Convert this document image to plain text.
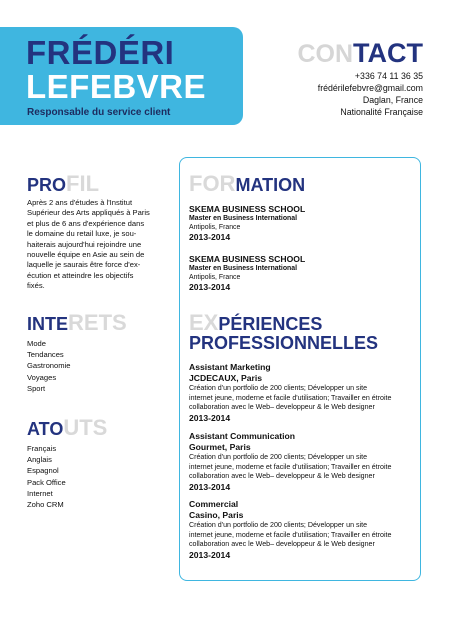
FRÉDÉRI
LEFEBVRE
Responsable du service client
CONTACT
+336 74 11 36 35
frédérilefebvre@gmail.com
Daglan, France
Nationalité Française
PROFIL
Après 2 ans d'études à l'Institut
Supérieur des Arts appliqués à Paris
et plus de 6 ans d'expérience dans
le domaine du retail luxe, je sou-
haiterais aujourd'hui rejoindre une
nouvelle équipe en Asie au sein de
laquelle je saurais être force d'ex-
écution et atteindre les objectifs
fixés.
INTERETS
Mode
Tendances
Gastronomie
Voyages
Sport
ATOUTS
Français
Anglais
Espagnol
Pack Office
Internet
Zoho CRM
FORMATION
SKEMA BUSINESS SCHOOL
Master en Business International
Antipolis, France
2013-2014
SKEMA BUSINESS SCHOOL
Master en Business International
Antipolis, France
2013-2014
EXPÉRIENCES
PROFESSIONNELLES
Assistant Marketing
JCDECAUX, Paris
Création d'un portfolio de 200 clients; Développer un site
internet jeune, moderne et facile d'utilisation; Travailler en étroite
collaboration avec le Web– developpeur & le Web designer
2013-2014
Assistant Communication
Gourmet, Paris
Création d'un portfolio de 200 clients; Développer un site
internet jeune, moderne et facile d'utilisation; Travailler en étroite
collaboration avec le Web– developpeur & le Web designer
2013-2014
Commercial
Casino, Paris
Création d'un portfolio de 200 clients; Développer un site
internet jeune, moderne et facile d'utilisation; Travailler en étroite
collaboration avec le Web– developpeur & le Web designer
2013-2014
